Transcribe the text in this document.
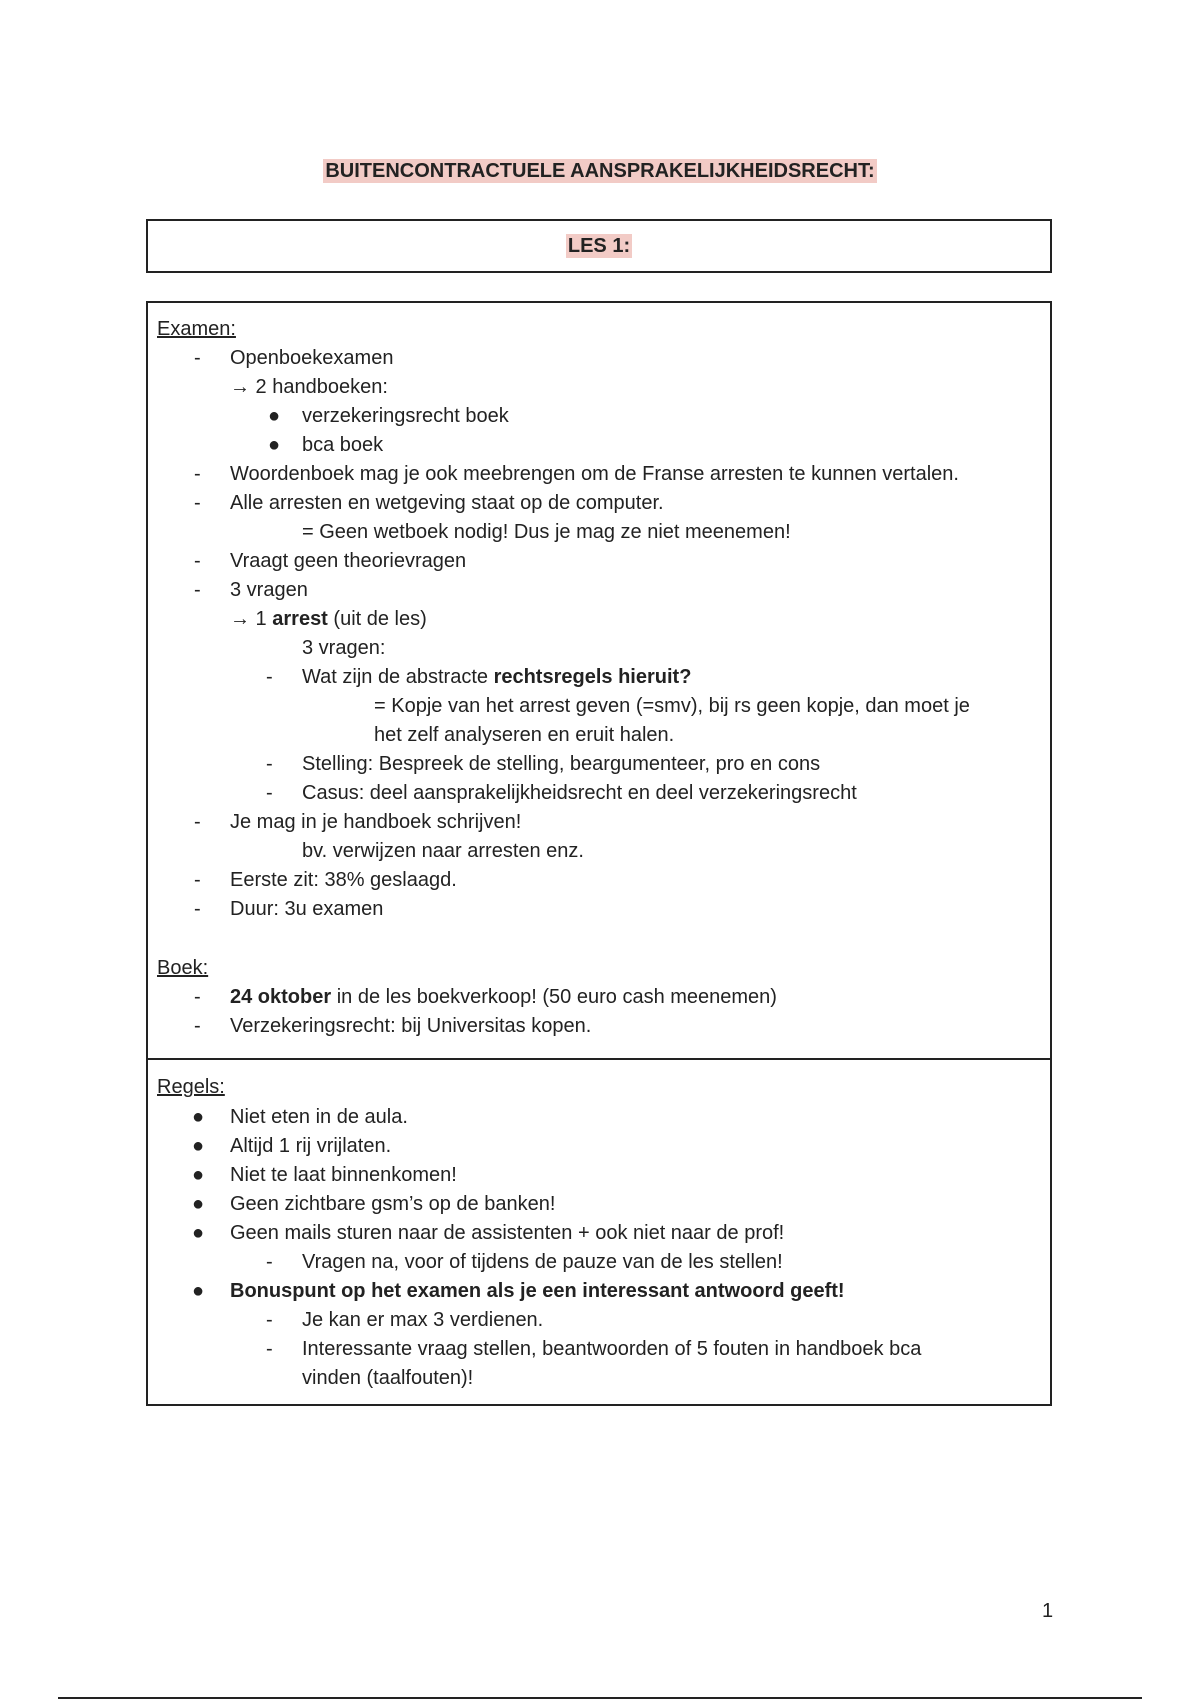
BUITENCONTRACTUELE AANSPRAKELIJKHEIDSRECHT:
LES 1:
Examen:
- Openboekexamen
→ 2 handboeken:
● verzekeringsrecht boek
● bca boek
- Woordenboek mag je ook meebrengen om de Franse arresten te kunnen vertalen.
- Alle arresten en wetgeving staat op de computer.
= Geen wetboek nodig! Dus je mag ze niet meenemen!
- Vraagt geen theorievragen
- 3 vragen
→ 1 arrest (uit de les)
3 vragen:
- Wat zijn de abstracte rechtsregels hieruit?
= Kopje van het arrest geven (=smv), bij rs geen kopje, dan moet je
het zelf analyseren en eruit halen.
- Stelling: Bespreek de stelling, beargumenteer, pro en cons
- Casus: deel aansprakelijkheidsrecht en deel verzekeringsrecht
- Je mag in je handboek schrijven!
bv. verwijzen naar arresten enz.
- Eerste zit: 38% geslaagd.
- Duur: 3u examen
Boek:
- 24 oktober in de les boekverkoop! (50 euro cash meenemen)
- Verzekeringsrecht: bij Universitas kopen.
Regels:
● Niet eten in de aula.
● Altijd 1 rij vrijlaten.
● Niet te laat binnenkomen!
● Geen zichtbare gsm’s op de banken!
● Geen mails sturen naar de assistenten + ook niet naar de prof!
- Vragen na, voor of tijdens de pauze van de les stellen!
● Bonuspunt op het examen als je een interessant antwoord geeft!
- Je kan er max 3 verdienen.
- Interessante vraag stellen, beantwoorden of 5 fouten in handboek bca
vinden (taalfouten)!
1
